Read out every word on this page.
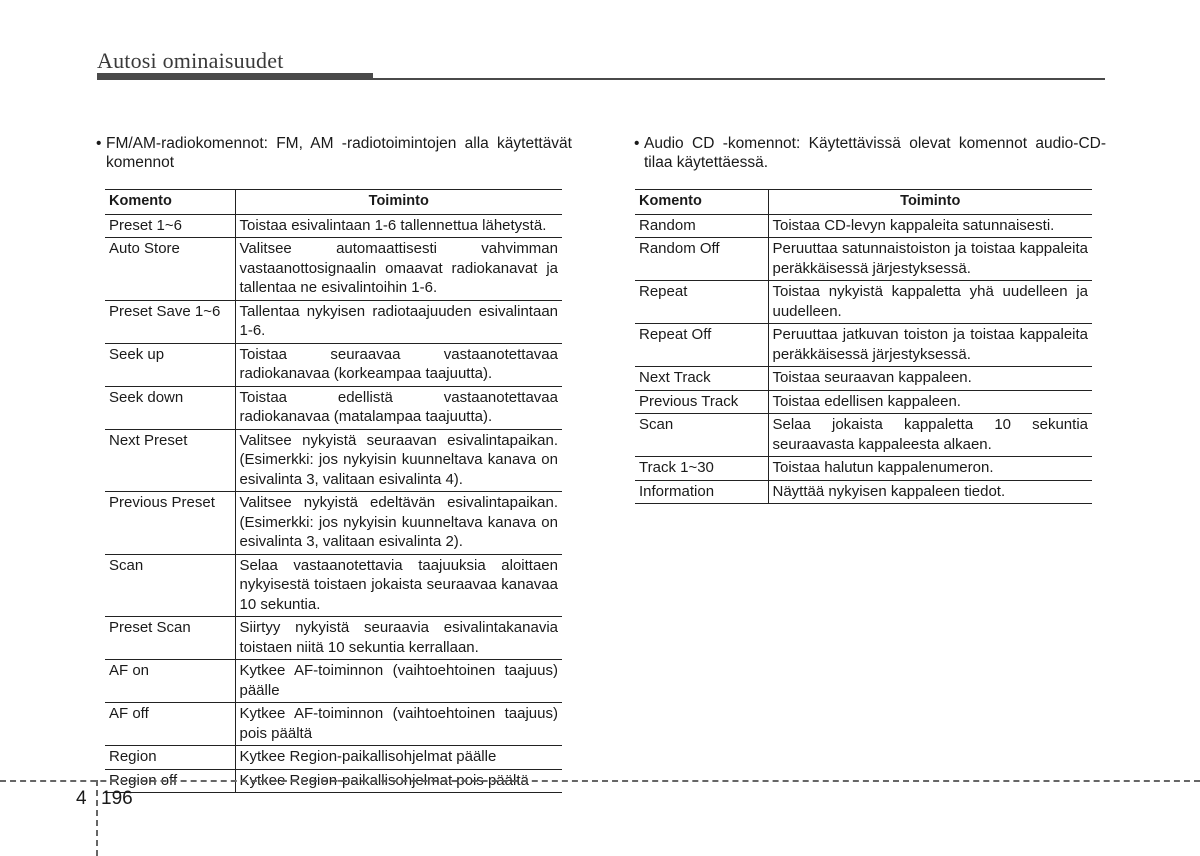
Autosi ominaisuudet
• FM/AM-radiokomennot: FM, AM -radiotoimintojen alla käytettävät komennot
Komento	Toiminto
Preset 1~6	Toistaa esivalintaan 1-6 tallennettua lähetystä.
Auto Store	Valitsee automaattisesti vahvimman vastaanottosignaalin omaavat radiokanavat ja tallentaa ne esivalintoihin 1-6.
Preset Save 1~6	Tallentaa nykyisen radiotaajuuden esivalintaan 1-6.
Seek up	Toistaa seuraavaa vastaanotettavaa radiokanavaa (korkeampaa taajuutta).
Seek down	Toistaa edellistä vastaanotettavaa radiokanavaa (matalampaa taajuutta).
Next Preset	Valitsee nykyistä seuraavan esivalintapaikan. (Esimerkki: jos nykyisin kuunneltava kanava on esivalinta 3, valitaan esivalinta 4).
Previous Preset	Valitsee nykyistä edeltävän esivalintapaikan. (Esimerkki: jos nykyisin kuunneltava kanava on esivalinta 3, valitaan esivalinta 2).
Scan	Selaa vastaanotettavia taajuuksia aloittaen nykyisestä toistaen jokaista seuraavaa kanavaa 10 sekuntia.
Preset Scan	Siirtyy nykyistä seuraavia esivalintakanavia toistaen niitä 10 sekuntia kerrallaan.
AF on	Kytkee AF-toiminnon (vaihtoehtoinen taajuus) päälle
AF off	Kytkee AF-toiminnon (vaihtoehtoinen taajuus) pois päältä
Region	Kytkee Region-paikallisohjelmat päälle
Region off	Kytkee Region-paikallisohjelmat pois päältä
• Audio CD -komennot: Käytettävissä olevat komennot audio-CD-tilaa käytettäessä.
Komento	Toiminto
Random	Toistaa CD-levyn kappaleita satunnaisesti.
Random Off	Peruuttaa satunnaistoiston ja toistaa kappaleita peräkkäisessä järjestyksessä.
Repeat	Toistaa nykyistä kappaletta yhä uudelleen ja uudelleen.
Repeat Off	Peruuttaa jatkuvan toiston ja toistaa kappaleita peräkkäisessä järjestyksessä.
Next Track	Toistaa seuraavan kappaleen.
Previous Track	Toistaa edellisen kappaleen.
Scan	Selaa jokaista kappaletta 10 sekuntia seuraavasta kappaleesta alkaen.
Track 1~30	Toistaa halutun kappalenumeron.
Information	Näyttää nykyisen kappaleen tiedot.
4 196
